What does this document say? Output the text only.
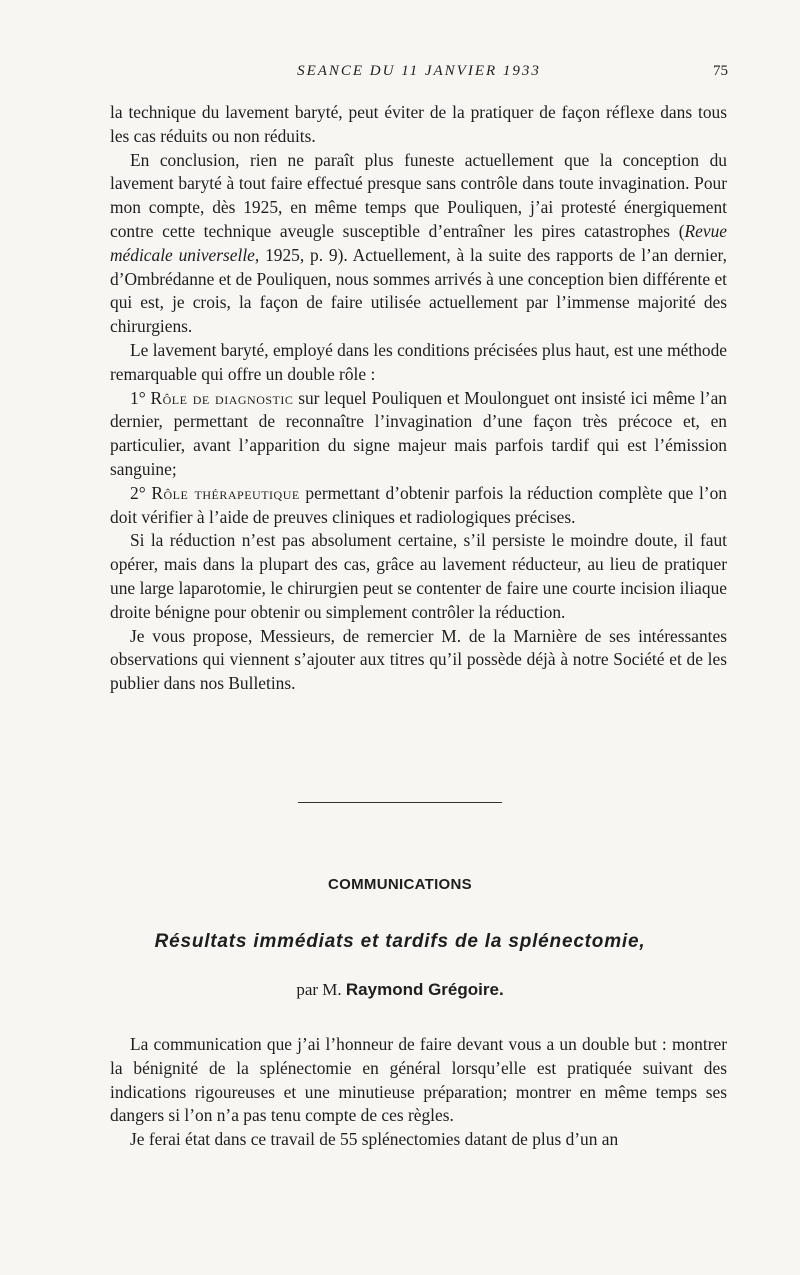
SEANCE DU 11 JANVIER 1933	75

la technique du lavement baryté, peut éviter de la pratiquer de façon réflexe dans tous les cas réduits ou non réduits.

En conclusion, rien ne paraît plus funeste actuellement que la conception du lavement baryté à tout faire effectué presque sans contrôle dans toute invagination. Pour mon compte, dès 1925, en même temps que Pouliquen, j’ai protesté énergiquement contre cette technique aveugle susceptible d’entraîner les pires catastrophes (Revue médicale universelle, 1925, p. 9). Actuellement, à la suite des rapports de l’an dernier, d’Ombrédanne et de Pouliquen, nous sommes arrivés à une conception bien différente et qui est, je crois, la façon de faire utilisée actuellement par l’immense majorité des chirurgiens.

Le lavement baryté, employé dans les conditions précisées plus haut, est une méthode remarquable qui offre un double rôle :

1° Rôle de diagnostic sur lequel Pouliquen et Moulonguet ont insisté ici même l’an dernier, permettant de reconnaître l’invagination d’une façon très précoce et, en particulier, avant l’apparition du signe majeur mais parfois tardif qui est l’émission sanguine;

2° Rôle thérapeutique permettant d’obtenir parfois la réduction complète que l’on doit vérifier à l’aide de preuves cliniques et radiologiques précises.

Si la réduction n’est pas absolument certaine, s’il persiste le moindre doute, il faut opérer, mais dans la plupart des cas, grâce au lavement réducteur, au lieu de pratiquer une large laparotomie, le chirurgien peut se contenter de faire une courte incision iliaque droite bénigne pour obtenir ou simplement contrôler la réduction.

Je vous propose, Messieurs, de remercier M. de la Marnière de ses intéressantes observations qui viennent s’ajouter aux titres qu’il possède déjà à notre Société et de les publier dans nos Bulletins.

COMMUNICATIONS
Résultats immédiats et tardifs de la splénectomie,
par M. Raymond Grégoire.

La communication que j’ai l’honneur de faire devant vous a un double but : montrer la bénignité de la splénectomie en général lorsqu’elle est pratiquée suivant des indications rigoureuses et une minutieuse préparation; montrer en même temps ses dangers si l’on n’a pas tenu compte de ces règles.

Je ferai état dans ce travail de 55 splénectomies datant de plus d’un an
